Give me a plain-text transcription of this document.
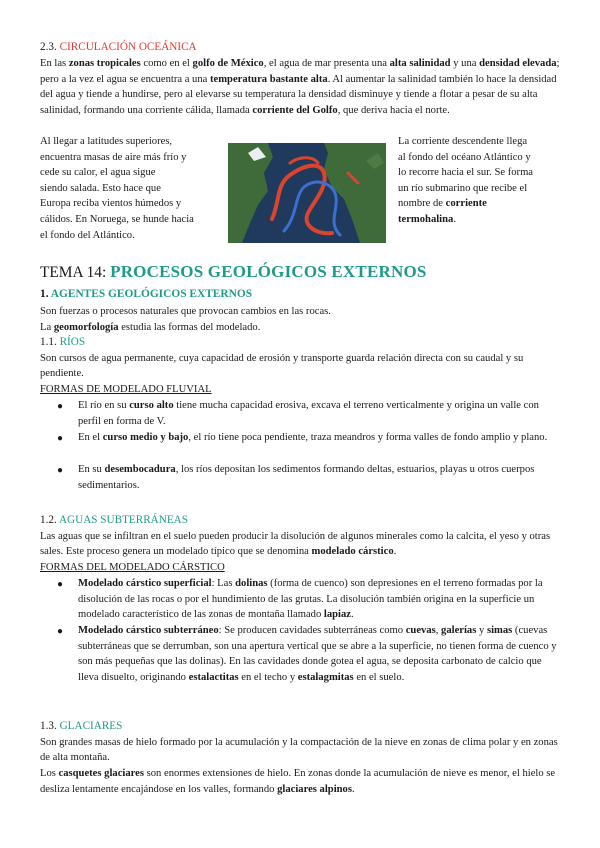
2.3. CIRCULACIÓN OCEÁNICA

En las zonas tropicales como en el golfo de México, el agua de mar presenta una alta salinidad y una densidad elevada; pero a la vez el agua se encuentra a una temperatura bastante alta. Al aumentar la salinidad también lo hace la densidad del agua y tiende a hundirse, pero al elevarse su temperatura la densidad disminuye y tiende a flotar a pesar de su alta salinidad, formando una corriente cálida, llamada corriente del Golfo, que deriva hacia el norte.

Al llegar a latitudes superiores,

encuentra masas de aire más frío y

cede su calor, el agua sigue

siendo salada. Esto hace que

Europa reciba vientos húmedos y

cálidos. En Noruega, se hunde hacia

el fondo del Atlántico.

La corriente descendente llega

al fondo del océano Atlántico y

lo recorre hacia el sur. Se forma

un río submarino que recibe el

nombre de corriente

termohalina.

TEMA 14: PROCESOS GEOLÓGICOS EXTERNOS

1. AGENTES GEOLÓGICOS EXTERNOS

Son fuerzas o procesos naturales que provocan cambios en las rocas.

La geomorfología estudia las formas del modelado.

1.1. RÍOS

Son cursos de agua permanente, cuya capacidad de erosión y transporte guarda relación directa con su caudal y su pendiente.

FORMAS DE MODELADO FLUVIAL

● El río en su curso alto tiene mucha capacidad erosiva, excava el terreno verticalmente y origina un valle con perfil en forma de V.

● En el curso medio y bajo, el río tiene poca pendiente, traza meandros y forma valles de fondo amplio y plano.

● En su desembocadura, los ríos depositan los sedimentos formando deltas, estuarios, playas u otros cuerpos sedimentarios.

1.2. AGUAS SUBTERRÁNEAS

Las aguas que se infiltran en el suelo pueden producir la disolución de algunos minerales como la calcita, el yeso y otras sales. Este proceso genera un modelado típico que se denomina modelado cárstico.

FORMAS DEL MODELADO CÁRSTICO

● Modelado cárstico superficial: Las dolinas (forma de cuenco) son depresiones en el terreno formadas por la disolución de las rocas o por el hundimiento de las grutas. La disolución también origina en la superficie un modelado característico de las zonas de montaña llamado lapiaz.

● Modelado cárstico subterráneo: Se producen cavidades subterráneas como cuevas, galerías y simas (cuevas subterráneas que se derrumban, son una apertura vertical que se abre a la superficie, no tienen forma de cuenco y son más pequeñas que las dolinas). En las cavidades donde gotea el agua, se deposita carbonato de calcio que lleva disuelto, originando estalactitas en el techo y estalagmitas en el suelo.

1.3. GLACIARES

Son grandes masas de hielo formado por la acumulación y la compactación de la nieve en zonas de clima polar y en zonas de alta montaña.

Los casquetes glaciares son enormes extensiones de hielo. En zonas donde la acumulación de nieve es menor, el hielo se desliza lentamente encajándose en los valles, formando glaciares alpinos.
